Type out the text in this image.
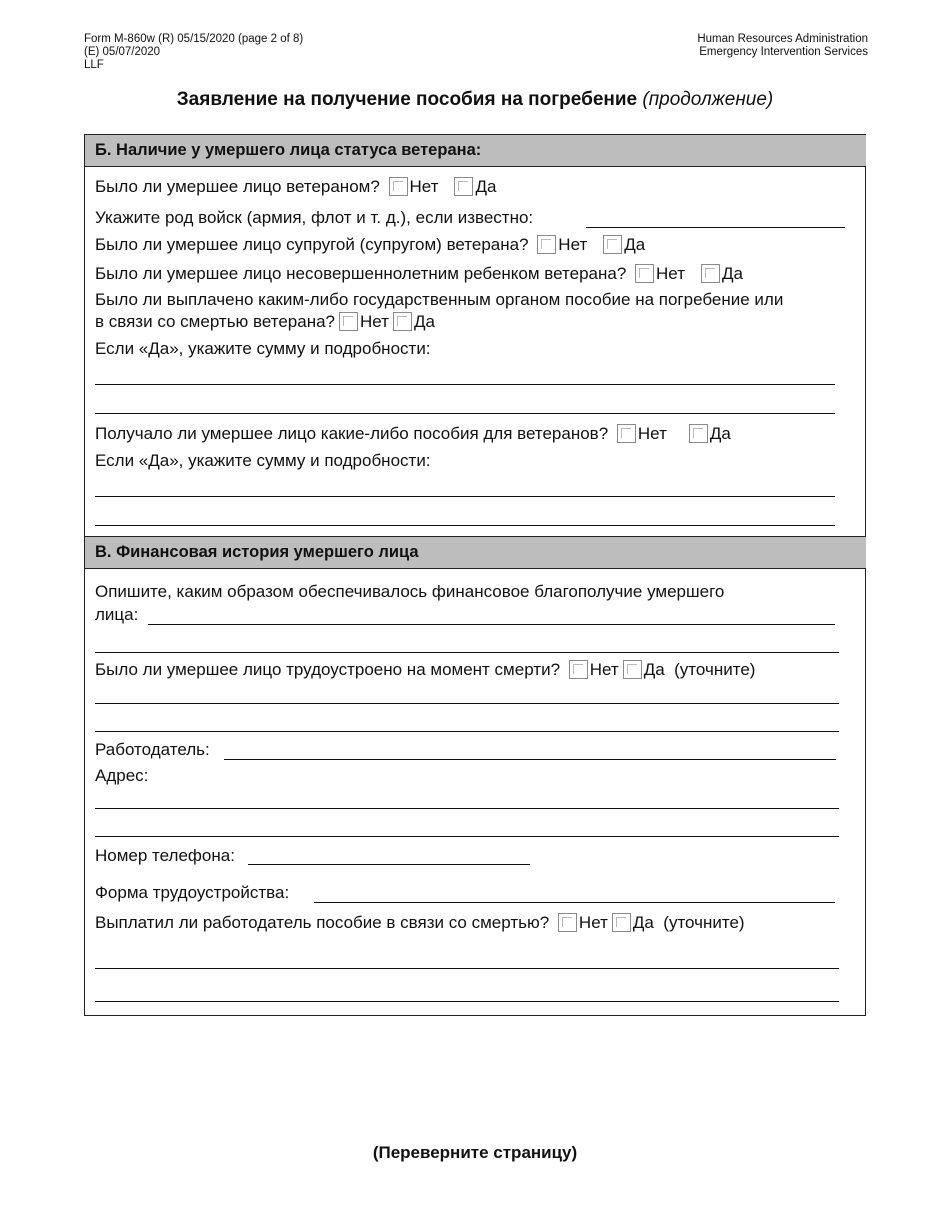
Form M-860w (R) 05/15/2020 (page 2 of 8)
(E) 05/07/2020
LLF
Human Resources Administration
Emergency Intervention Services
Заявление на получение пособия на погребение (продолжение)
Б. Наличие у умершего лица статуса ветерана:
Было ли умершее лицо ветераном? Нет Да
Укажите род войск (армия, флот и т. д.), если известно:
Было ли умершее лицо супругой (супругом) ветерана? Нет Да
Было ли умершее лицо несовершеннолетним ребенком ветерана? Нет Да
Было ли выплачено каким-либо государственным органом пособие на погребение или
в связи со смертью ветерана? Нет Да
Если «Да», укажите сумму и подробности:
Получало ли умершее лицо какие-либо пособия для ветеранов? Нет	Да
Если «Да», укажите сумму и подробности:
В. Финансовая история умершего лица
Опишите, каким образом обеспечивалось финансовое благополучие умершего
лица:
Было ли умершее лицо трудоустроено на момент смерти? Нет Да (уточните)
Работодатель:
Адрес:
Номер телефона:
Форма трудоустройства:
Выплатил ли работодатель пособие в связи со смертью? Нет Да (уточните)
(Переверните страницу)
